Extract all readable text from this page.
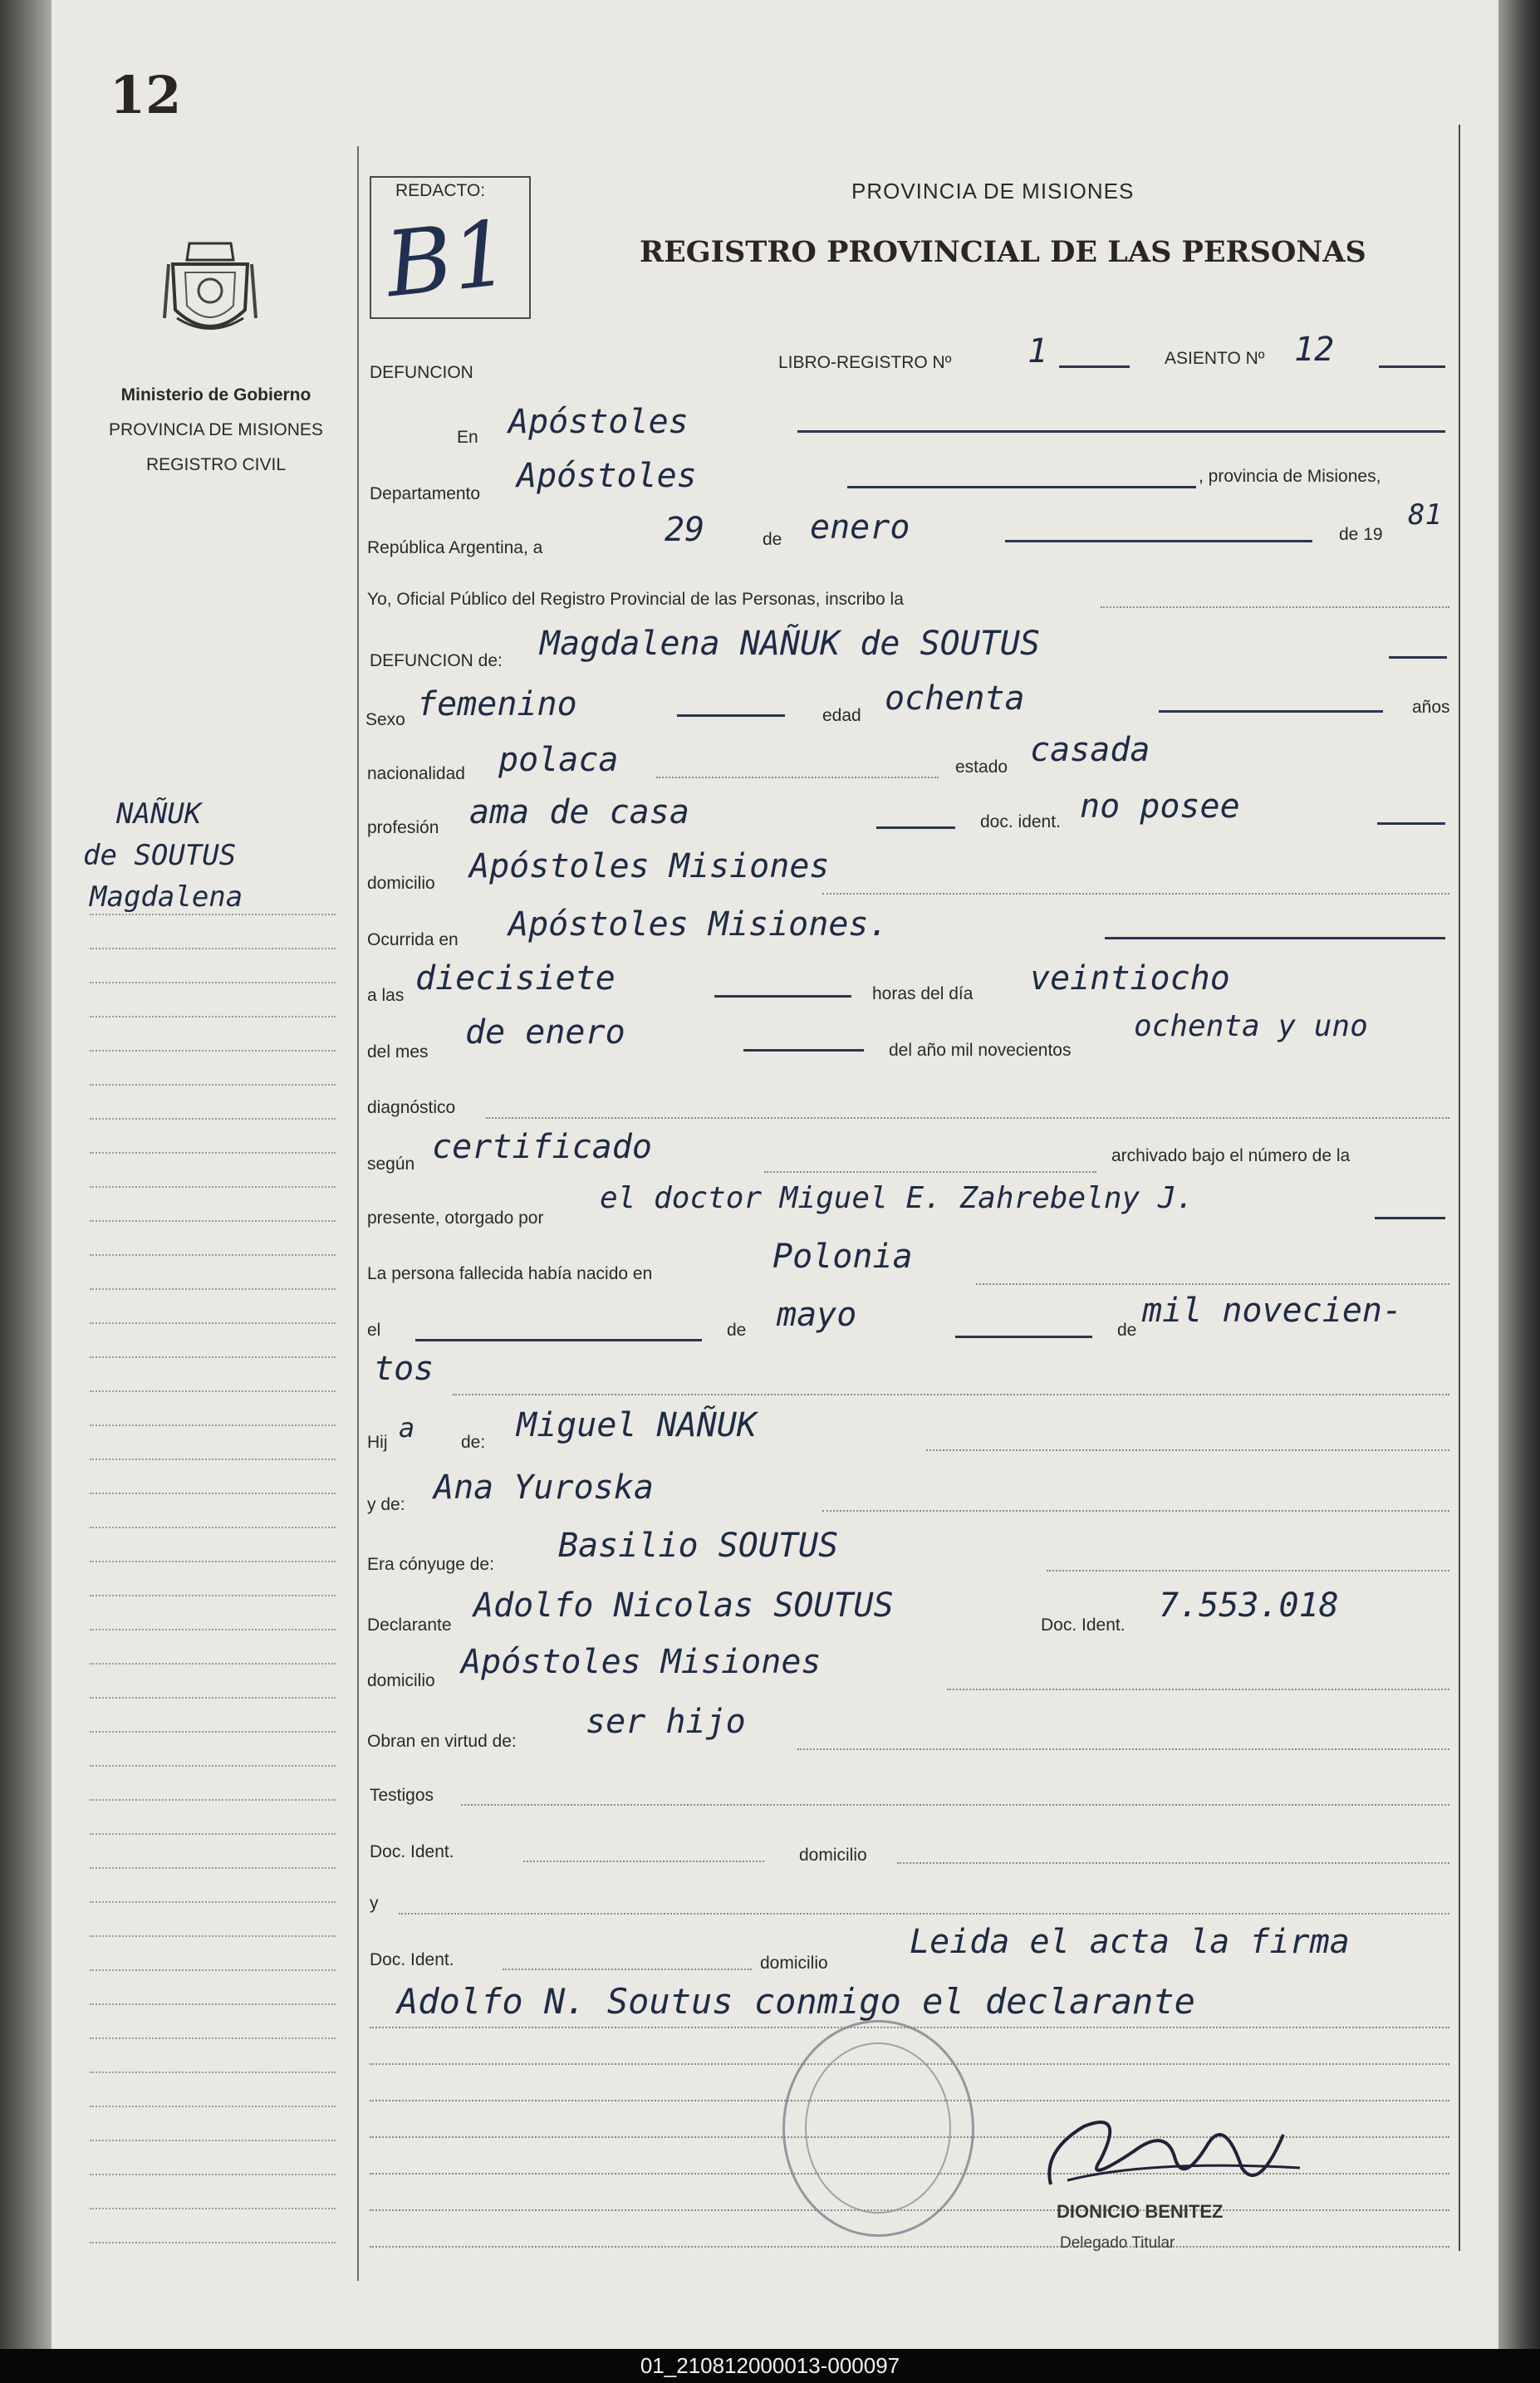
12
Ministerio de Gobierno
PROVINCIA DE MISIONES
REGISTRO CIVIL
NAÑUK
de SOUTUS
Magdalena
REDACTO:
B1
PROVINCIA DE MISIONES
REGISTRO PROVINCIAL DE LAS PERSONAS
DEFUNCION
LIBRO-REGISTRO Nº 1	ASIENTO Nº 12
En Apóstoles
Departamento Apóstoles	, provincia de Misiones,
República Argentina, a	29	de enero	de 19
81
Yo, Oficial Público del Registro Provincial de las Personas, inscribo la
DEFUNCION de: Magdalena NAÑUK de SOUTUS
Sexo femenino	edad ochenta	años
nacionalidad polaca	estado casada
profesión ama de casa	doc. ident. no posee
domicilio Apóstoles Misiones
Ocurrida en Apóstoles Misiones.
a las diecisiete	horas del día veintiocho
del mes
de enero	del año mil novecientos
ochenta y uno
diagnóstico
según certificado	archivado bajo el número de la
presente, otorgado por
el doctor Miguel E. Zahrebelny J.
La persona fallecida había nacido en	Polonia
el	de mayo	de
mil novecien-
tos
Hij a	de: Miguel NAÑUK
y de: Ana Yuroska
Era cónyuge de: Basilio SOUTUS
Declarante
Adolfo Nicolas SOUTUS
Doc. Ident.
7.553.018
domicilio Apóstoles Misiones
Obran en virtud de:
ser hijo
Testigos
Doc. Ident.	domicilio
y
Doc. Ident.	domicilio
Leida el acta la firma
Adolfo N. Soutus conmigo el declarante
DIONICIO BENITEZ
Delegado Titular
01_210812000013-000097
